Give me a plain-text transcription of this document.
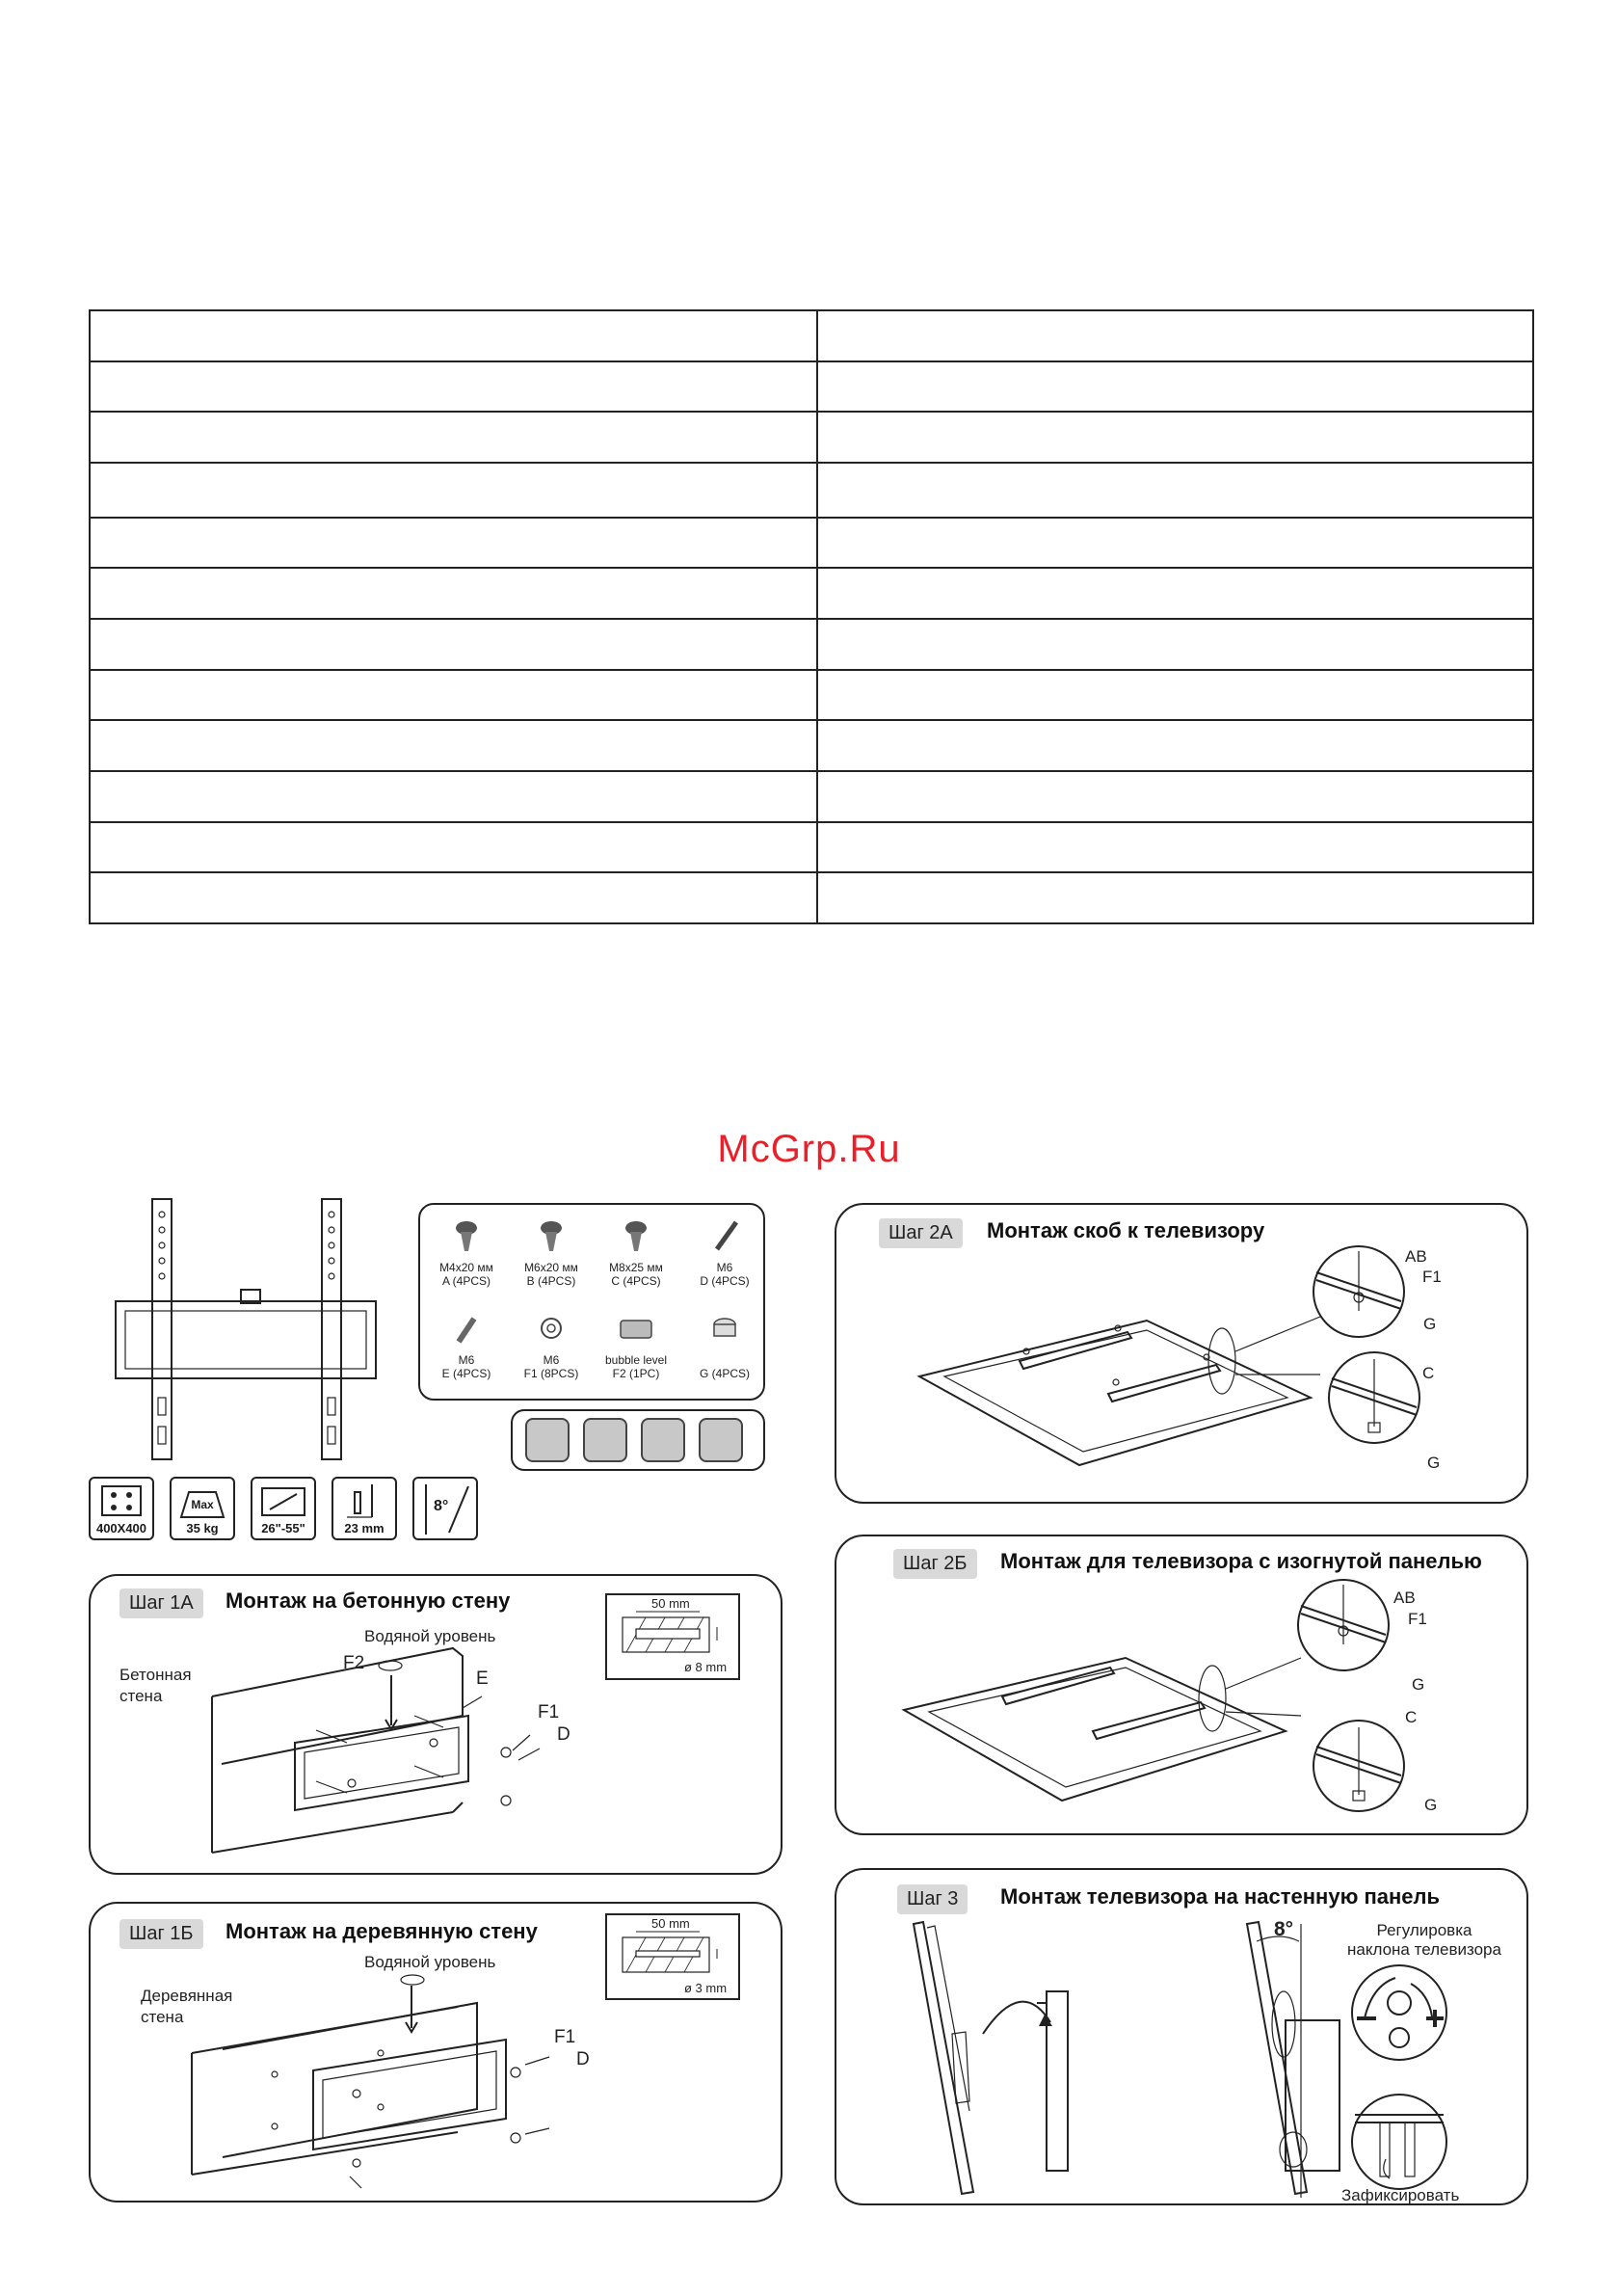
McGrp.Ru
M4x20 мм
A (4PCS)
M6x20 мм
B (4PCS)
M8x25 мм
C (4PCS)
M6
D (4PCS)
M6
E (4PCS)
M6
F1 (8PCS)
bubble level
F2 (1PC)	G (4PCS)
400X400
Max
35 kg	26"-55"	23 mm
8°
Шаг 1А	Монтаж на бетонную стену
Водяной уровень
Бетонная
стена
F2
E
F1
D
50 mm
ø 8 mm
Шаг 1Б	Монтаж на деревянную стену
Водяной уровень
Деревянная
стена
F1
D
50 mm
ø 3 mm
Шаг 2А	Монтаж скоб к телевизору
AB
F1
G
C
G
Шаг 2Б	Монтаж для телевизора с изогнутой панелью
AB
F1
G
C
G
Шаг 3	Монтаж телевизора на настенную панель
8°	Регулировка
наклона телевизора
Зафиксировать
